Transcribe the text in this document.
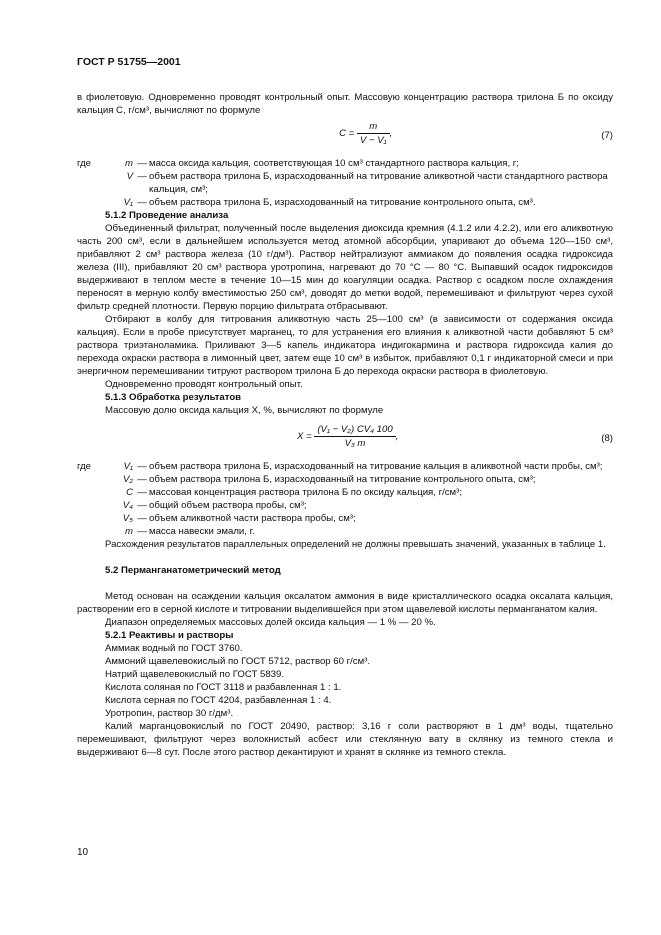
ГОСТ Р 51755—2001

в фиолетовую. Одновременно проводят контрольный опыт. Массовую концентрацию раствора трилона Б по оксиду кальция C, г/см³, вычисляют по формуле

$C = \frac{m}{\text{V − V₁}}$ ,	(7)
где	m	—	масса оксида кальция, соответствующая 10 см³ стандартного раствора кальция, г;
	V	—	объем раствора трилона Б, израсходованный на титрование аликвотной части стандартного раствора кальция, см³;
	V₁	—	объем раствора трилона Б, израсходованный на титрование контрольного опыта, см³.

5.1.2 Проведение анализа

Объединенный фильтрат, полученный после выделения диоксида кремния (4.1.2 или 4.2.2), или его аликвотную часть 200 см³, если в дальнейшем используется метод атомной абсорбции, упаривают до объема 120—150 см³, прибавляют 2 см³ раствора железа (10 г/дм³). Раствор нейтрализуют аммиаком до появления осадка гидроксида железа (III), прибавляют 20 см³ раствора уротропина, нагревают до 70 °С — 80 °С. Выпавший осадок гидроксидов выдерживают в теплом месте в течение 10—15 мин до коагуляции осадка. Раствор с осадком после охлаждения переносят в мерную колбу вместимостью 250 см³, доводят до метки водой, перемешивают и фильтруют через сухой фильтр средней плотности. Первую порцию фильтрата отбрасывают.

Отбирают в колбу для титрования аликвотную часть 25—100 см³ (в зависимости от содержания оксида кальция). Если в пробе присутствует марганец, то для устранения его влияния к аликвотной части добавляют 5 см³ раствора триэтаноламика. Приливают 3—5 капель индикатора индигокармина и раствора гидроксида калия до перехода окраски раствора в лимонный цвет, затем еще 10 см³ в избыток, прибавляют 0,1 г индикаторной смеси и при энергичном перемешивании титруют раствором трилона Б до перехода окраски раствора в фиолетовую.

Одновременно проводят контрольный опыт.

5.1.3 Обработка результатов

Массовую долю оксида кальция X, %, вычисляют по формуле

$X = \frac{\text{(V₁ − V₂) CV₄ 100}}{\text{V₃ m}}$ ,	(8)
где	V₁	—	объем раствора трилона Б, израсходованный на титрование кальция в аликвотной части пробы, см³;
	V₂	—	объем раствора трилона Б, израсходованный на титрование контрольного опыта, см³;
	C	—	массовая концентрация раствора трилона Б по оксиду кальция, г/см³;
	V₄	—	общий объем раствора пробы, см³;
	V₅	—	объем аликвотной части раствора пробы, см³;
	m	—	масса навески эмали, г.

Расхождения результатов параллельных определений не должны превышать значений, указанных в таблице 1.

5.2 Перманганатометрический метод

Метод основан на осаждении кальция оксалатом аммония в виде кристаллического осадка оксалата кальция, растворении его в серной кислоте и титровании выделившейся при этом щавелевой кислоты перманганатом калия.

Диапазон определяемых массовых долей оксида кальция — 1 % — 20 %.

5.2.1 Реактивы и растворы

Аммиак водный по ГОСТ 3760.

Аммоний щавелевокислый по ГОСТ 5712, раствор 60 г/см³.

Натрий щавелевокислый по ГОСТ 5839.

Кислота соляная по ГОСТ 3118 и разбавленная 1 : 1.

Кислота серная по ГОСТ 4204, разбавленная 1 : 4.

Уротропин, раствор 30 г/дм³.

Калий марганцовокислый по ГОСТ 20490, раствор: 3,16 г соли растворяют в 1 дм³ воды, тщательно перемешивают, фильтруют через волокнистый асбест или стеклянную вату в склянку из темного стекла и выдерживают 6—8 сут. После этого раствор декантируют и хранят в склянке из темного стекла.

10
